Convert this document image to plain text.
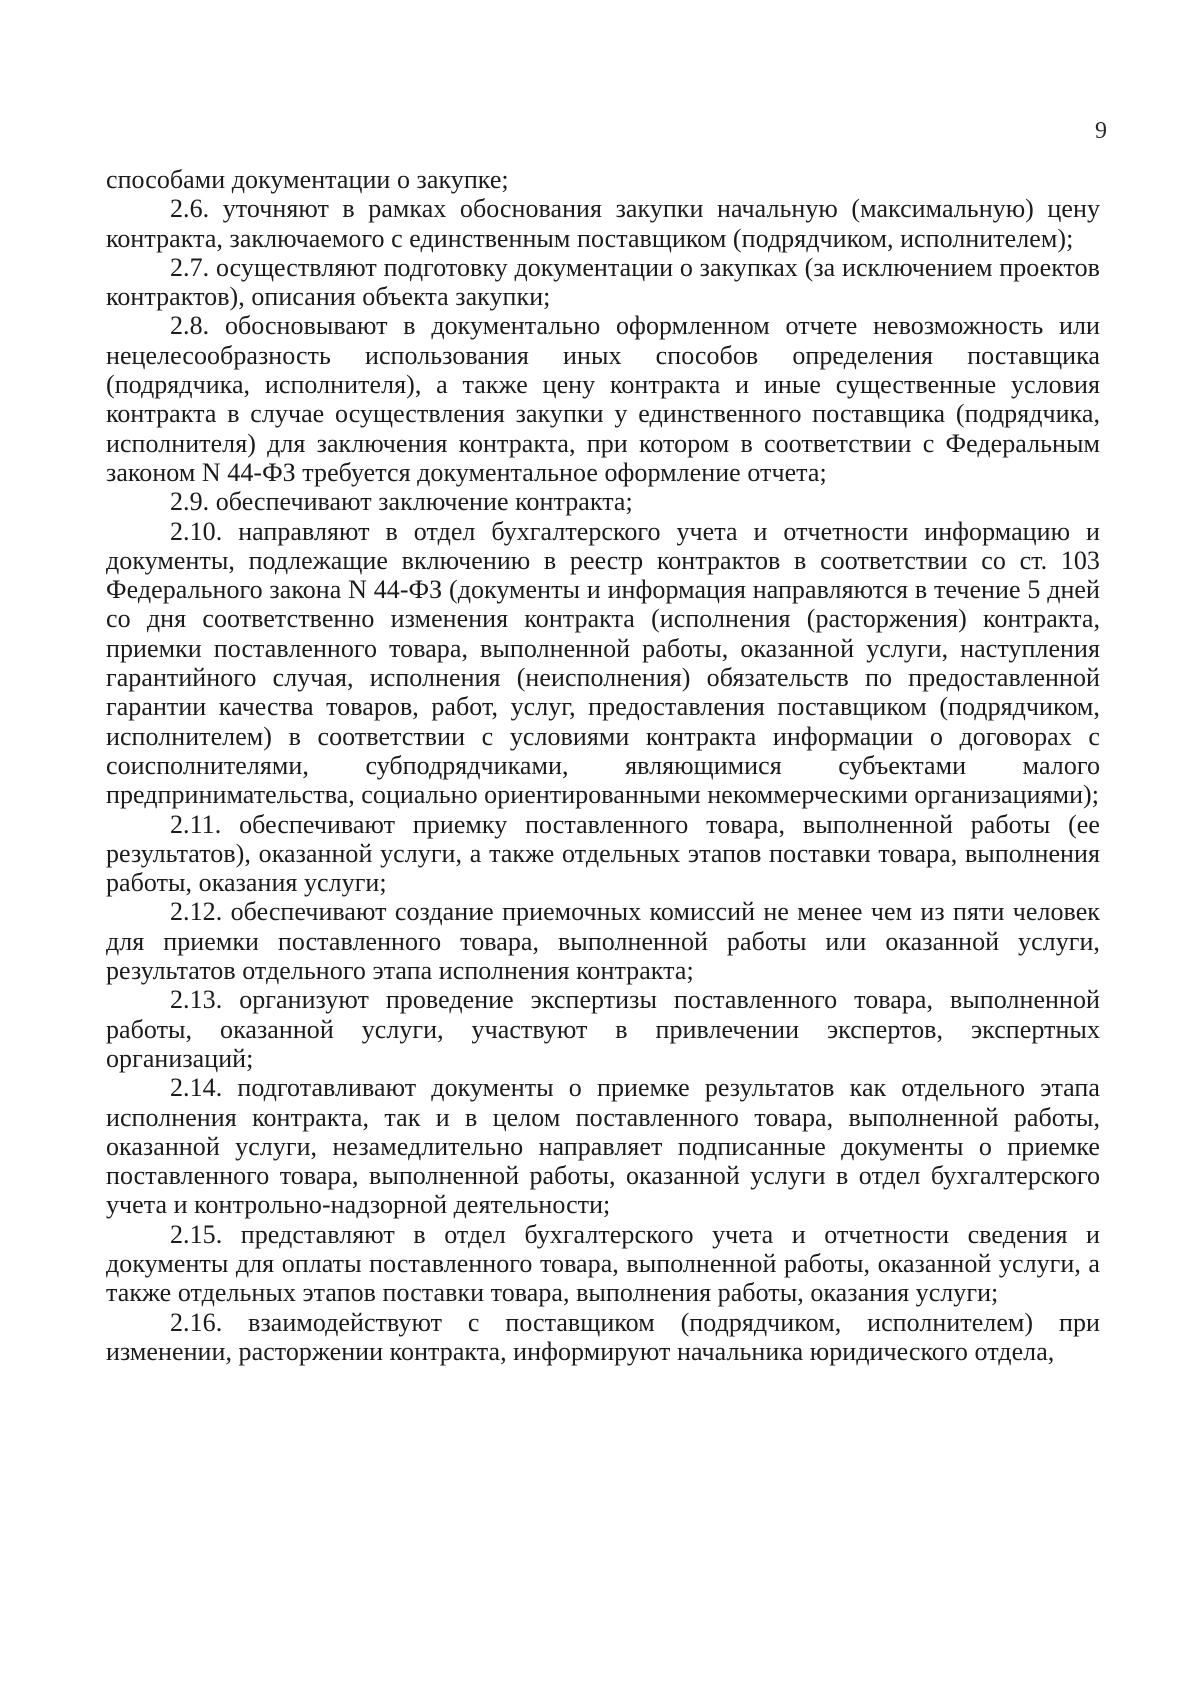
9

способами документации о закупке;

2.6. уточняют в рамках обоснования закупки начальную (максимальную) цену контракта, заключаемого с единственным поставщиком (подрядчиком, исполнителем);

2.7. осуществляют подготовку документации о закупках (за исключением проектов контрактов), описания объекта закупки;

2.8. обосновывают в документально оформленном отчете невозможность или нецелесообразность использования иных способов определения поставщика (подрядчика, исполнителя), а также цену контракта и иные существенные условия контракта в случае осуществления закупки у единственного поставщика (подрядчика, исполнителя) для заключения контракта, при котором в соответствии с Федеральным законом N 44-ФЗ требуется документальное оформление отчета;

2.9. обеспечивают заключение контракта;

2.10. направляют в отдел бухгалтерского учета и отчетности информацию и документы, подлежащие включению в реестр контрактов в соответствии со ст. 103 Федерального закона N 44-ФЗ (документы и информация направляются в течение 5 дней со дня соответственно изменения контракта (исполнения (расторжения) контракта, приемки поставленного товара, выполненной работы, оказанной услуги, наступления гарантийного случая, исполнения (неисполнения) обязательств по предоставленной гарантии качества товаров, работ, услуг, предоставления поставщиком (подрядчиком, исполнителем) в соответствии с условиями контракта информации о договорах с соисполнителями, субподрядчиками, являющимися субъектами малого предпринимательства, социально ориентированными некоммерческими организациями);

2.11. обеспечивают приемку поставленного товара, выполненной работы (ее результатов), оказанной услуги, а также отдельных этапов поставки товара, выполнения работы, оказания услуги;

2.12. обеспечивают создание приемочных комиссий не менее чем из пяти человек для приемки поставленного товара, выполненной работы или оказанной услуги, результатов отдельного этапа исполнения контракта;

2.13. организуют проведение экспертизы поставленного товара, выполненной работы, оказанной услуги, участвуют в привлечении экспертов, экспертных организаций;

2.14. подготавливают документы о приемке результатов как отдельного этапа исполнения контракта, так и в целом поставленного товара, выполненной работы, оказанной услуги, незамедлительно направляет подписанные документы о приемке поставленного товара, выполненной работы, оказанной услуги в отдел бухгалтерского учета и контрольно-надзорной деятельности;

2.15. представляют в отдел бухгалтерского учета и отчетности сведения и документы для оплаты поставленного товара, выполненной работы, оказанной услуги, а также отдельных этапов поставки товара, выполнения работы, оказания услуги;

2.16. взаимодействуют с поставщиком (подрядчиком, исполнителем) при изменении, расторжении контракта, информируют начальника юридического отдела,
